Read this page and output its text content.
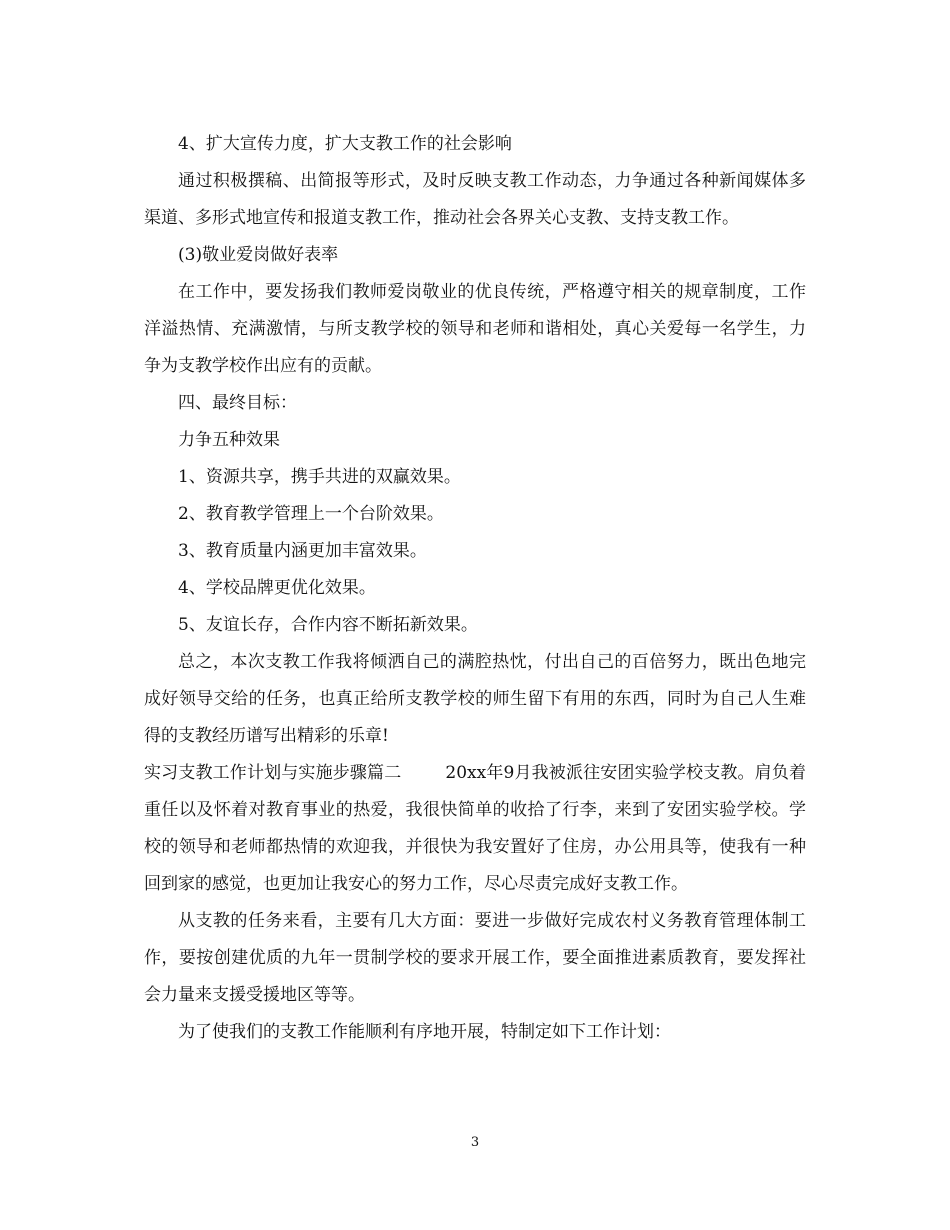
4、扩大宣传力度，扩大支教工作的社会影响

通过积极撰稿、出简报等形式，及时反映支教工作动态，力争通过各种新闻媒体多渠道、多形式地宣传和报道支教工作，推动社会各界关心支教、支持支教工作。

(3)敬业爱岗做好表率

在工作中，要发扬我们教师爱岗敬业的优良传统，严格遵守相关的规章制度，工作洋溢热情、充满激情，与所支教学校的领导和老师和谐相处，真心关爱每一名学生，力争为支教学校作出应有的贡献。

四、最终目标：

力争五种效果

1、资源共享，携手共进的双赢效果。

2、教育教学管理上一个台阶效果。

3、教育质量内涵更加丰富效果。

4、学校品牌更优化效果。

5、友谊长存，合作内容不断拓新效果。

总之，本次支教工作我将倾洒自己的满腔热忱，付出自己的百倍努力，既出色地完成好领导交给的任务，也真正给所支教学校的师生留下有用的东西，同时为自己人生难得的支教经历谱写出精彩的乐章!

实习支教工作计划与实施步骤篇二	20xx年9月我被派往安团实验学校支教。肩负着重任以及怀着对教育事业的热爱，我很快简单的收拾了行李，来到了安团实验学校。学校的领导和老师都热情的欢迎我，并很快为我安置好了住房，办公用具等，使我有一种回到家的感觉，也更加让我安心的努力工作，尽心尽责完成好支教工作。

从支教的任务来看，主要有几大方面：要进一步做好完成农村义务教育管理体制工作，要按创建优质的九年一贯制学校的要求开展工作，要全面推进素质教育，要发挥社会力量来支援受援地区等等。

为了使我们的支教工作能顺利有序地开展，特制定如下工作计划：

3
